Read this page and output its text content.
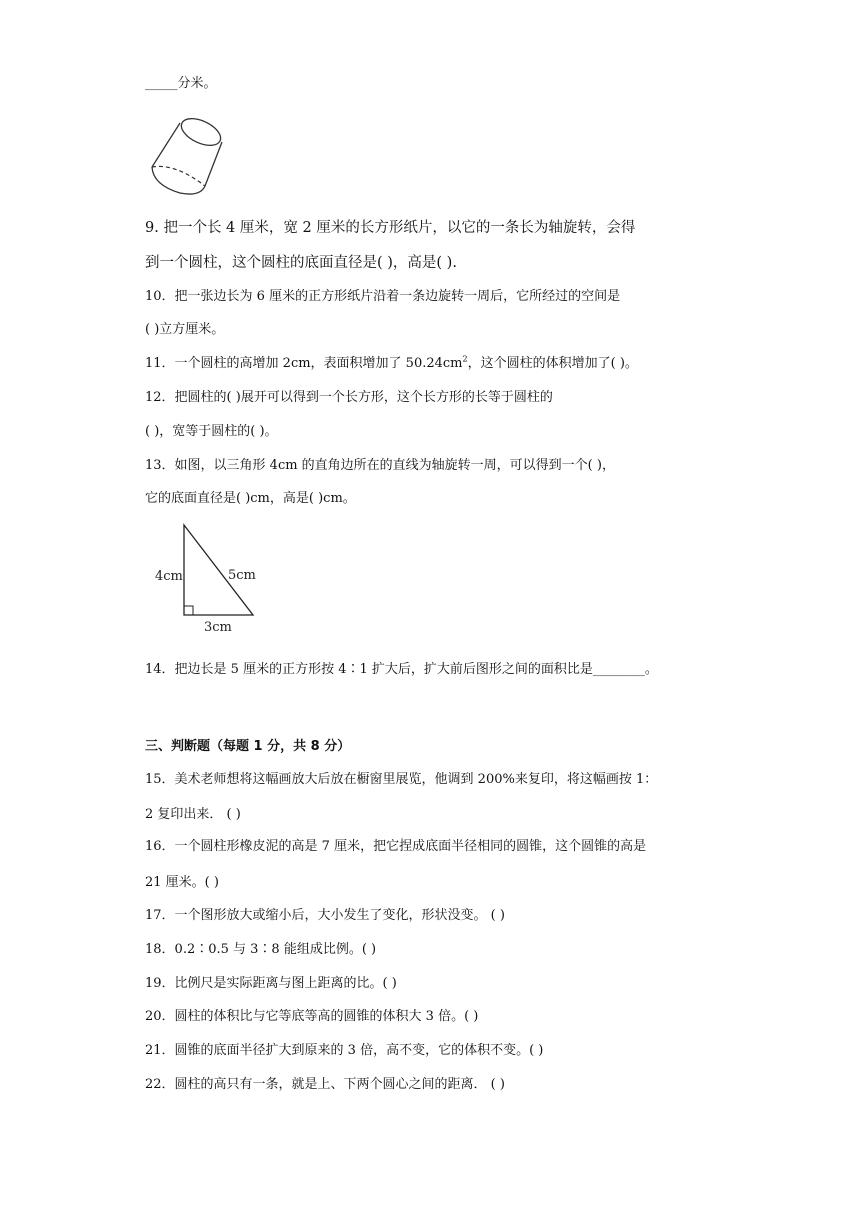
_____分米。
9. 把一个长 4 厘米，宽 2 厘米的长方形纸片，以它的一条长为轴旋转，会得
到一个圆柱，这个圆柱的底面直径是( )，高是( ).
10．把一张边长为 6 厘米的正方形纸片沿着一条边旋转一周后，它所经过的空间是
( )立方厘米。
11．一个圆柱的高增加 2cm，表面积增加了 $50.24cm^2$，这个圆柱的体积增加了( )。
12．把圆柱的( )展开可以得到一个长方形，这个长方形的长等于圆柱的
( )，宽等于圆柱的( )。
13．如图，以三角形 4cm 的直角边所在的直线为轴旋转一周，可以得到一个( )，
它的底面直径是( )cm，高是( )cm。
4cm	5cm
3cm
14．把边长是 5 厘米的正方形按 4∶1 扩大后，扩大前后图形之间的面积比是________。
三、判断题（每题 1 分，共 8 分）
15．美术老师想将这幅画放大后放在橱窗里展览，他调到 200%来复印，将这幅画按 1：
2 复印出来． ( )
16．一个圆柱形橡皮泥的高是 7 厘米，把它捏成底面半径相同的圆锥，这个圆锥的高是
21 厘米。( )
17．一个图形放大或缩小后，大小发生了变化，形状没变。 ( )
18．0.2∶0.5 与 3∶8 能组成比例。( )
19．比例尺是实际距离与图上距离的比。( )
20．圆柱的体积比与它等底等高的圆锥的体积大 3 倍。( )
21．圆锥的底面半径扩大到原来的 3 倍，高不变，它的体积不变。( )
22．圆柱的高只有一条，就是上、下两个圆心之间的距离． ( )
